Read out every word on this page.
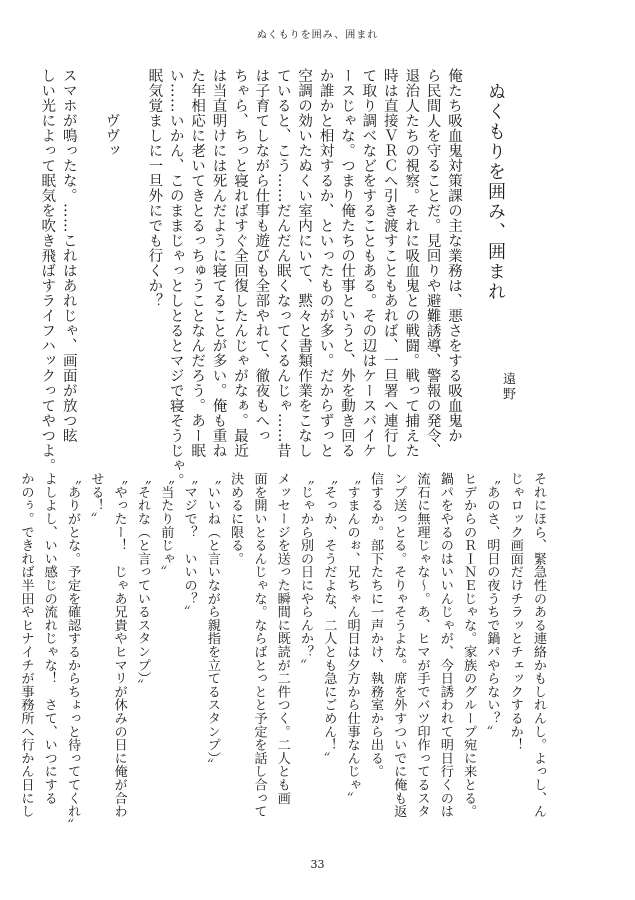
ぬくもりを囲み、囲まれ
ぬくもりを囲み、囲まれ
遠野
俺たち吸血鬼対策課の主な業務は、悪さをする吸血鬼か
ら民間人を守ることだ。見回りや避難誘導、警報の発令、
退治人たちの視察。それに吸血鬼との戦闘。戦って捕えた
時は直接ＶＲＣへ引き渡すこともあれば、一旦署へ連行し
て取り調べなどをすることもある。その辺はケースバイケ
ースじゃな。つまり俺たちの仕事というと、外を動き回る
か誰かと相対するか、といったものが多い。だからずっと
空調の効いたぬくい室内にいて、黙々と書類作業をこなし
ていると、こう……だんだん眠くなってくるんじゃ……昔
は子育てしながら仕事も遊びも全部やれて、徹夜もへっ
ちゃら、ちっと寝ればすぐ全回復したんじゃがなぁ。最近
は当直明けには死んだように寝てることが多い。俺も重ね
た年相応に老いてきとるっちゅうことなんだろう。あー眠
い……いかん、このままじゃっとしとるとマジで寝そうじゃ。
眠気覚ましに一旦外にでも行くか？
　　　ヴヴッ
スマホが鳴ったな。……これはあれじゃ、画面が放つ眩
しい光によって眠気を吹き飛ばすライフハックってやつよ。
それにほら、緊急性のある連絡かもしれんし。よっし、ん
じゃロック画面だけチラッとチェックするか！
〝あのさ、明日の夜うちで鍋パやらない？〟
ヒデからのＲＩＮＥじゃな。家族のグループ宛に来とる。
鍋パをやるのはいいんじゃが、今日誘われて明日行くのは
流石に無理じゃな～。あ、ヒマが手でバツ印作ってるスタ
ンプ送っとる。そりゃそうよな。席を外すついでに俺も返
信するか。部下たちに一声かけ、執務室から出る。
〝すまんのぉ、兄ちゃん明日は夕方から仕事なんじゃ〟
〝そっか、そうだよな、二人とも急にごめん！〟
〝じゃから別の日にやらんか？〟
メッセージを送った瞬間に既読が二件つく。二人とも画
面を開いとるんじゃな。ならばとっとと予定を話し合って
決めるに限る。
〝いいね（と言いながら親指を立てるスタンプ）〟
〝マジで？　いいの？〟
〝当たり前じゃ〟
〝それな（と言っているスタンプ）〟
〝やったー！　じゃあ兄貴やヒマリが休みの日に俺が合わ
せる！〟
〝ありがとな。予定を確認するからちょっと待っててくれ〟
よしよし、いい感じの流れじゃな！　さて、いつにする
かのぅ。できれば半田やヒナイチが事務所へ行かん日にし
33
